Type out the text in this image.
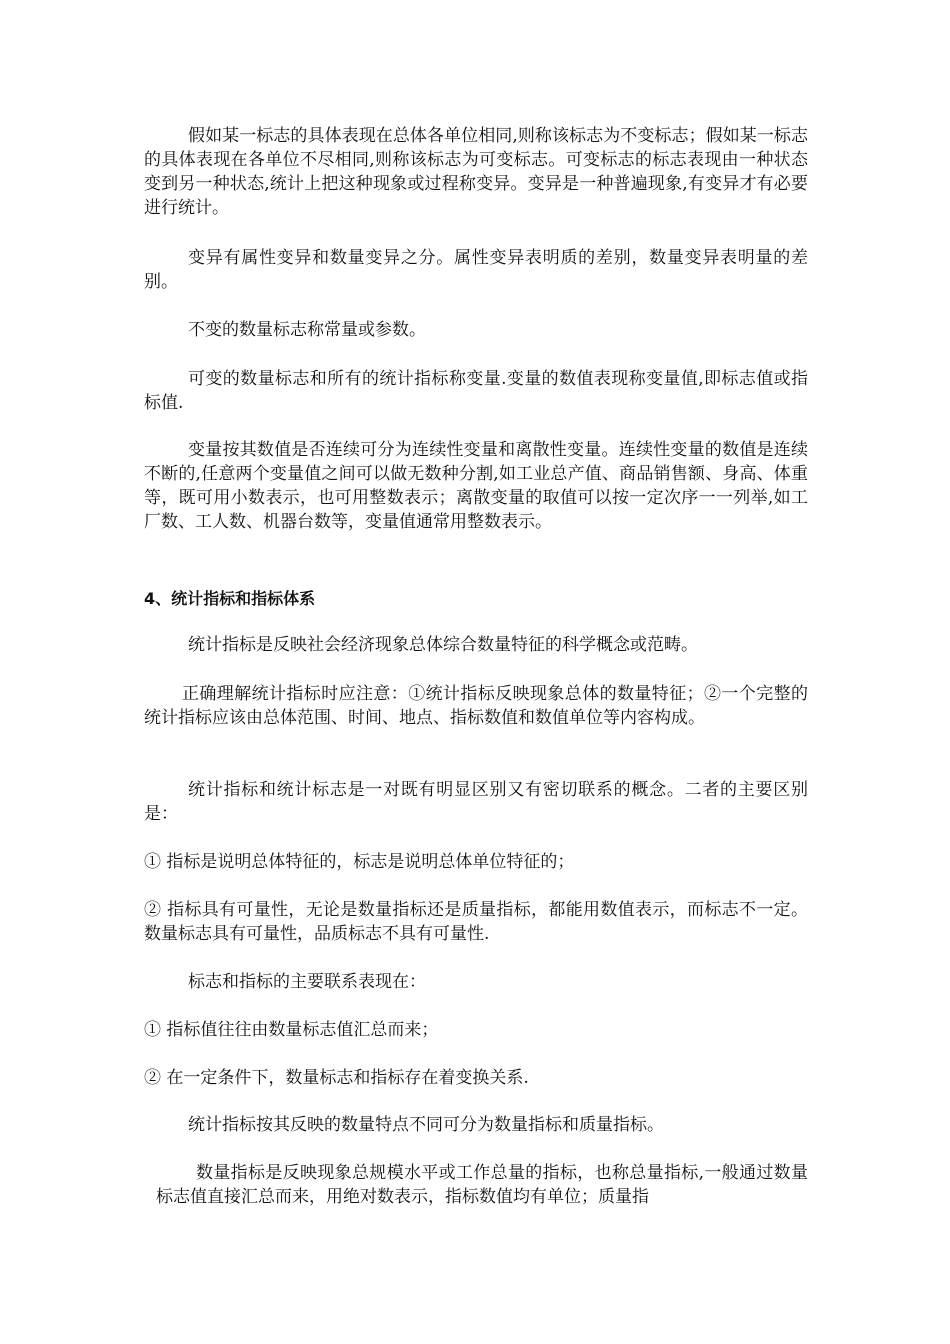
假如某一标志的具体表现在总体各单位相同,则称该标志为不变标志；假如某一标志的具体表现在各单位不尽相同,则称该标志为可变标志。可变标志的标志表现由一种状态变到另一种状态,统计上把这种现象或过程称变异。变异是一种普遍现象,有变异才有必要进行统计。

变异有属性变异和数量变异之分。属性变异表明质的差别，数量变异表明量的差别。

不变的数量标志称常量或参数。

可变的数量标志和所有的统计指标称变量.变量的数值表现称变量值,即标志值或指标值.

变量按其数值是否连续可分为连续性变量和离散性变量。连续性变量的数值是连续不断的,任意两个变量值之间可以做无数种分割,如工业总产值、商品销售额、身高、体重等，既可用小数表示，也可用整数表示；离散变量的取值可以按一定次序一一列举,如工厂数、工人数、机器台数等，变量值通常用整数表示。

4、统计指标和指标体系

统计指标是反映社会经济现象总体综合数量特征的科学概念或范畴。

正确理解统计指标时应注意：①统计指标反映现象总体的数量特征；②一个完整的统计指标应该由总体范围、时间、地点、指标数值和数值单位等内容构成。

统计指标和统计标志是一对既有明显区别又有密切联系的概念。二者的主要区别是：

① 指标是说明总体特征的，标志是说明总体单位特征的；

② 指标具有可量性，无论是数量指标还是质量指标，都能用数值表示，而标志不一定。数量标志具有可量性，品质标志不具有可量性.

标志和指标的主要联系表现在：

① 指标值往往由数量标志值汇总而来；

② 在一定条件下，数量标志和指标存在着变换关系.

统计指标按其反映的数量特点不同可分为数量指标和质量指标。

数量指标是反映现象总规模水平或工作总量的指标，也称总量指标,一般通过数量标志值直接汇总而来，用绝对数表示，指标数值均有单位；质量指
